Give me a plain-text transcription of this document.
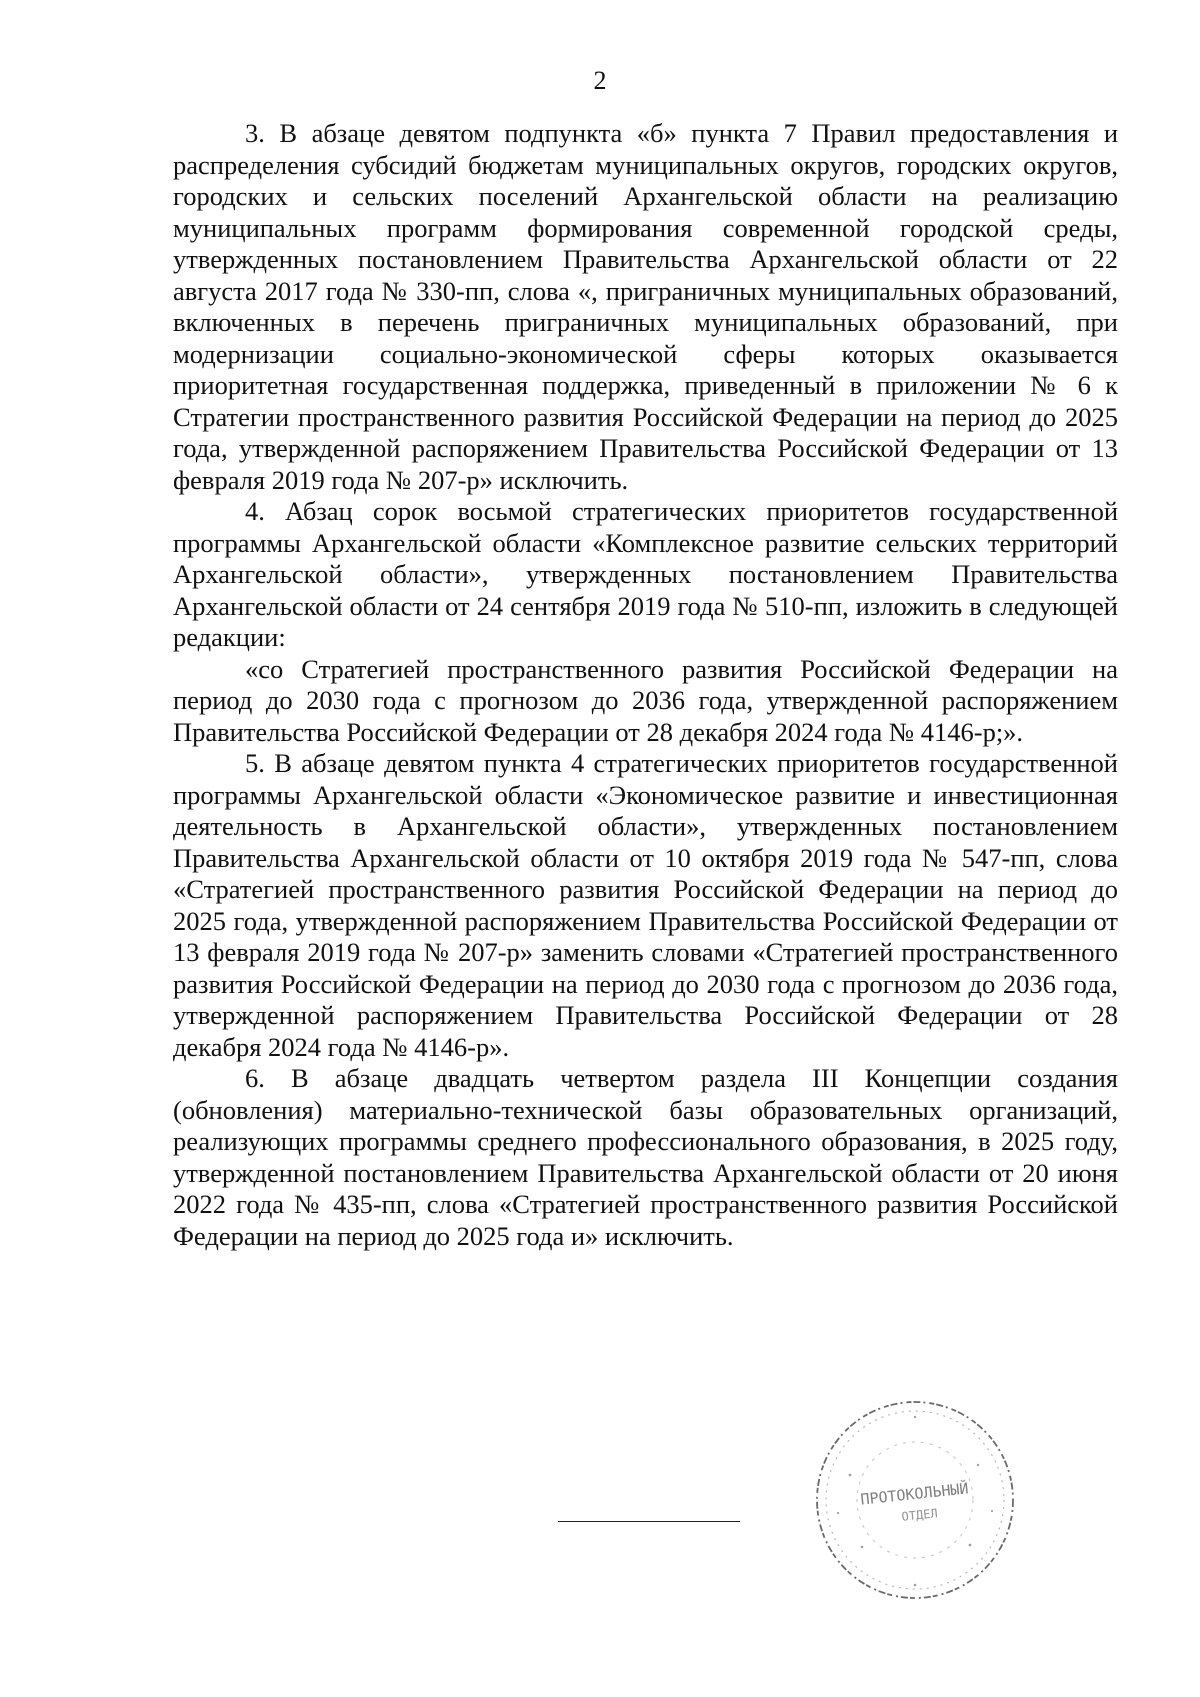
2

3. В абзаце девятом подпункта «б» пункта 7 Правил предоставления и распределения субсидий бюджетам муниципальных округов, городских округов, городских и сельских поселений Архангельской области на реализацию муниципальных программ формирования современной городской среды, утвержденных постановлением Правительства Архангельской области от 22 августа 2017 года № 330-пп, слова «, приграничных муниципальных образований, включенных в перечень приграничных муниципальных образований, при модернизации социально-экономической сферы которых оказывается приоритетная государственная поддержка, приведенный в приложении № 6 к Стратегии пространственного развития Российской Федерации на период до 2025 года, утвержденной распоряжением Правительства Российской Федерации от 13 февраля 2019 года № 207-р» исключить.

4. Абзац сорок восьмой стратегических приоритетов государственной программы Архангельской области «Комплексное развитие сельских территорий Архангельской области», утвержденных постановлением Правительства Архангельской области от 24 сентября 2019 года № 510-пп, изложить в следующей редакции:

«со Стратегией пространственного развития Российской Федерации на период до 2030 года с прогнозом до 2036 года, утвержденной распоряжением Правительства Российской Федерации от 28 декабря 2024 года № 4146-р;».

5. В абзаце девятом пункта 4 стратегических приоритетов государственной программы Архангельской области «Экономическое развитие и инвестиционная деятельность в Архангельской области», утвержденных постановлением Правительства Архангельской области от 10 октября 2019 года № 547-пп, слова «Стратегией пространственного развития Российской Федерации на период до 2025 года, утвержденной распоряжением Правительства Российской Федерации от 13 февраля 2019 года № 207-р» заменить словами «Стратегией пространственного развития Российской Федерации на период до 2030 года с прогнозом до 2036 года, утвержденной распоряжением Правительства Российской Федерации от 28 декабря 2024 года № 4146-р».

6. В абзаце двадцать четвертом раздела III Концепции создания (обновления) материально-технической базы образовательных организаций, реализующих программы среднего профессионального образования, в 2025 году, утвержденной постановлением Правительства Архангельской области от 20 июня 2022 года № 435-пп, слова «Стратегией пространственного развития Российской Федерации на период до 2025 года и» исключить.

ПРОТОКОЛЬНЫЙ
ОТДЕЛ
